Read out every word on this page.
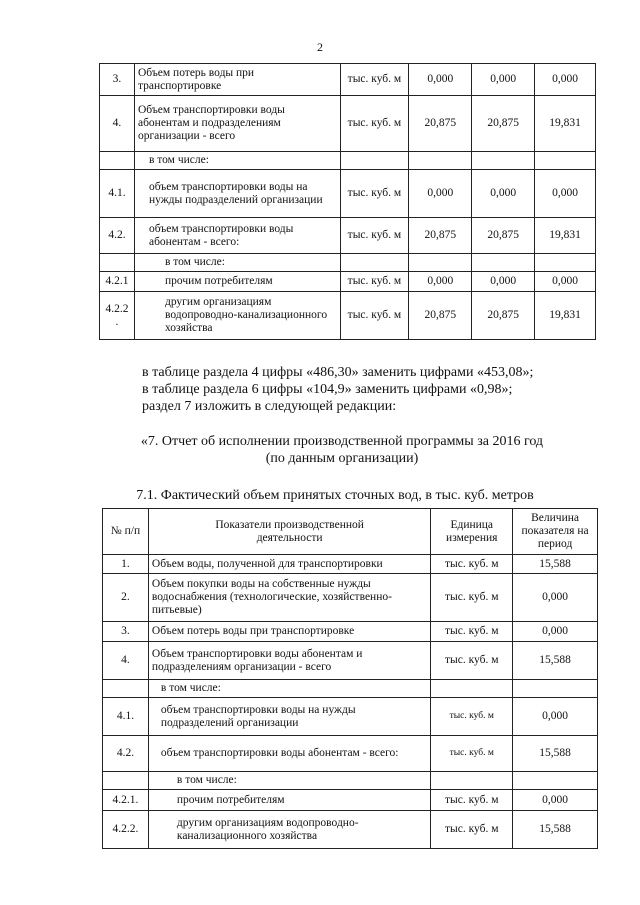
2
3.	Объем потерь воды при транспортировке	тыс. куб. м	0,000	0,000	0,000
4.	Объем транспортировки воды абонентам и подразделениям организации - всего	тыс. куб. м	20,875	20,875	19,831
	в том числе:				
4.1.	объем транспортировки воды на нужды подразделений организации	тыс. куб. м	0,000	0,000	0,000
4.2.	объем транспортировки воды абонентам - всего:	тыс. куб. м	20,875	20,875	19,831
	в том числе:				
4.2.1	прочим потребителям	тыс. куб. м	0,000	0,000	0,000
4.2.2 .	другим организациям водопроводно-канализационного хозяйства	тыс. куб. м	20,875	20,875	19,831
в таблице раздела 4 цифры «486,30» заменить цифрами «453,08»;
в таблице раздела 6 цифры «104,9» заменить цифрами «0,98»;
раздел 7 изложить в следующей редакции:
«7. Отчет об исполнении производственной программы за 2016 год
(по данным организации)
7.1. Фактический объем принятых сточных вод, в тыс. куб. метров
№ п/п	Показатели производственной деятельности	Единица измерения	Величина показателя на период
1.	Объем воды, полученной для транспортировки	тыс. куб. м	15,588
2.	Объем покупки воды на собственные нужды водоснабжения (технологические, хозяйственно-питьевые)	тыс. куб. м	0,000
3.	Объем потерь воды при транспортировке	тыс. куб. м	0,000
4.	Объем транспортировки воды абонентам и подразделениям организации - всего	тыс. куб. м	15,588
	в том числе:		
4.1.	объем транспортировки воды на нужды подразделений организации	тыс. куб. м	0,000
4.2.	объем транспортировки воды абонентам - всего:	тыс. куб. м	15,588
	в том числе:		
4.2.1.	прочим потребителям	тыс. куб. м	0,000
4.2.2.	другим организациям водопроводно-канализационного хозяйства	тыс. куб. м	15,588
